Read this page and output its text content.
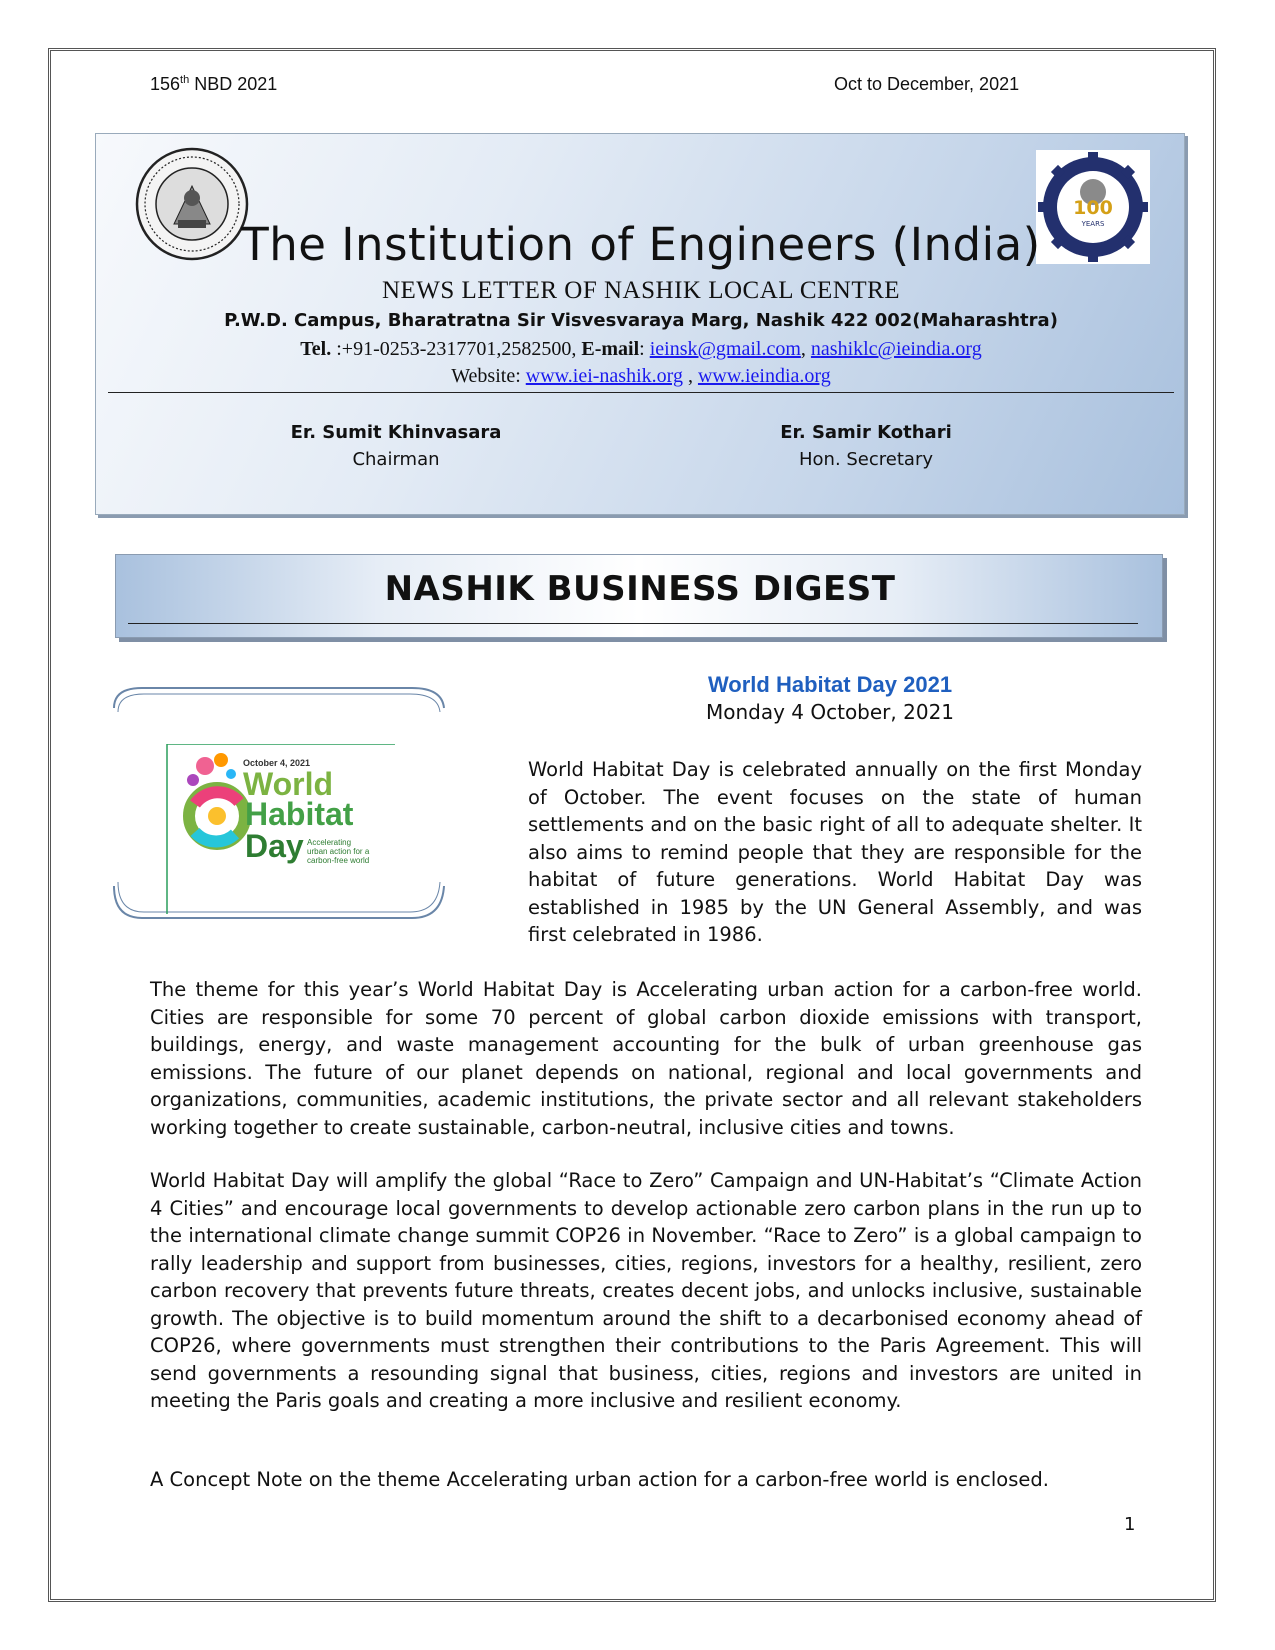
156th NBD 2021	Oct to December, 2021
100
YEARS
The Institution of Engineers (India)
NEWS LETTER OF NASHIK LOCAL CENTRE
P.W.D. Campus, Bharatratna Sir Visvesvaraya Marg, Nashik 422 002(Maharashtra)
Tel. :+91-0253-2317701,2582500, E-mail: ieinsk@gmail.com, nashiklc@ieindia.org
Website: www.iei-nashik.org , www.ieindia.org
Er. Sumit Khinvasara
Chairman
Er. Samir Kothari
Hon. Secretary
NASHIK BUSINESS DIGEST
October 4, 2021
World
Habitat
Day Accelerating
urban action for a
carbon-free world
World Habitat Day 2021
Monday 4 October, 2021

World Habitat Day is celebrated annually on the first Monday of October. The event focuses on the state of human settlements and on the basic right of all to adequate shelter. It also aims to remind people that they are responsible for the habitat of future generations. World Habitat Day was established in 1985 by the UN General Assembly, and was first celebrated in 1986.

The theme for this year’s World Habitat Day is Accelerating urban action for a carbon-free world. Cities are responsible for some 70 percent of global carbon dioxide emissions with transport, buildings, energy, and waste management accounting for the bulk of urban greenhouse gas emissions. The future of our planet depends on national, regional and local governments and organizations, communities, academic institutions, the private sector and all relevant stakeholders working together to create sustainable, carbon-neutral, inclusive cities and towns.

World Habitat Day will amplify the global “Race to Zero” Campaign and UN-Habitat’s “Climate Action 4 Cities” and encourage local governments to develop actionable zero carbon plans in the run up to the international climate change summit COP26 in November. “Race to Zero” is a global campaign to rally leadership and support from businesses, cities, regions, investors for a healthy, resilient, zero carbon recovery that prevents future threats, creates decent jobs, and unlocks inclusive, sustainable growth. The objective is to build momentum around the shift to a decarbonised economy ahead of COP26, where governments must strengthen their contributions to the Paris Agreement. This will send governments a resounding signal that business, cities, regions and investors are united in meeting the Paris goals and creating a more inclusive and resilient economy.

A Concept Note on the theme Accelerating urban action for a carbon-free world is enclosed.

1
